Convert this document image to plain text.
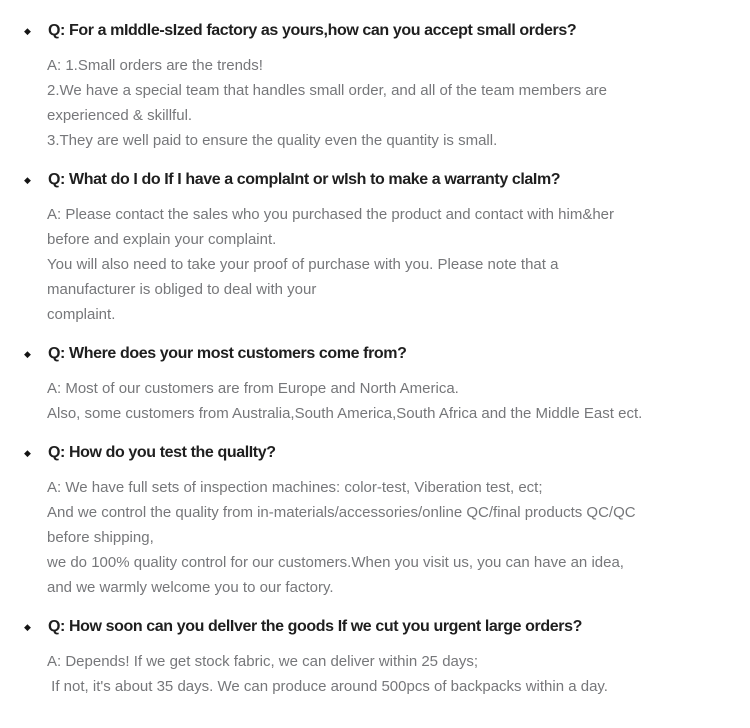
◆	Q: For a mIddle-sIzed factory as yours,how can you accept small orders?
A: 1.Small orders are the trends!
2.We have a special team that handles small order, and all of the team members are
experienced & skillful.
3.They are well paid to ensure the quality even the quantity is small.
◆	Q: What do I do If I have a complaInt or wIsh to make a warranty claIm?
A: Please contact the sales who you purchased the product and contact with him&her
before and explain your complaint.
You will also need to take your proof of purchase with you. Please note that a
manufacturer is obliged to deal with your
complaint.
◆	Q: Where does your most customers come from?
A: Most of our customers are from Europe and North America.
Also, some customers from Australia,South America,South Africa and the Middle East ect.
◆	Q: How do you test the qualIty?
A: We have full sets of inspection machines: color-test, Viberation test, ect;
And we control the quality from in-materials/accessories/online QC/final products QC/QC
before shipping,
we do 100% quality control for our customers.When you visit us, you can have an idea,
and we warmly welcome you to our factory.
◆	Q: How soon can you delIver the goods If we cut you urgent large orders?
A: Depends! If we get stock fabric, we can deliver within 25 days;
If not, it's about 35 days. We can produce around 500pcs of backpacks within a day.
